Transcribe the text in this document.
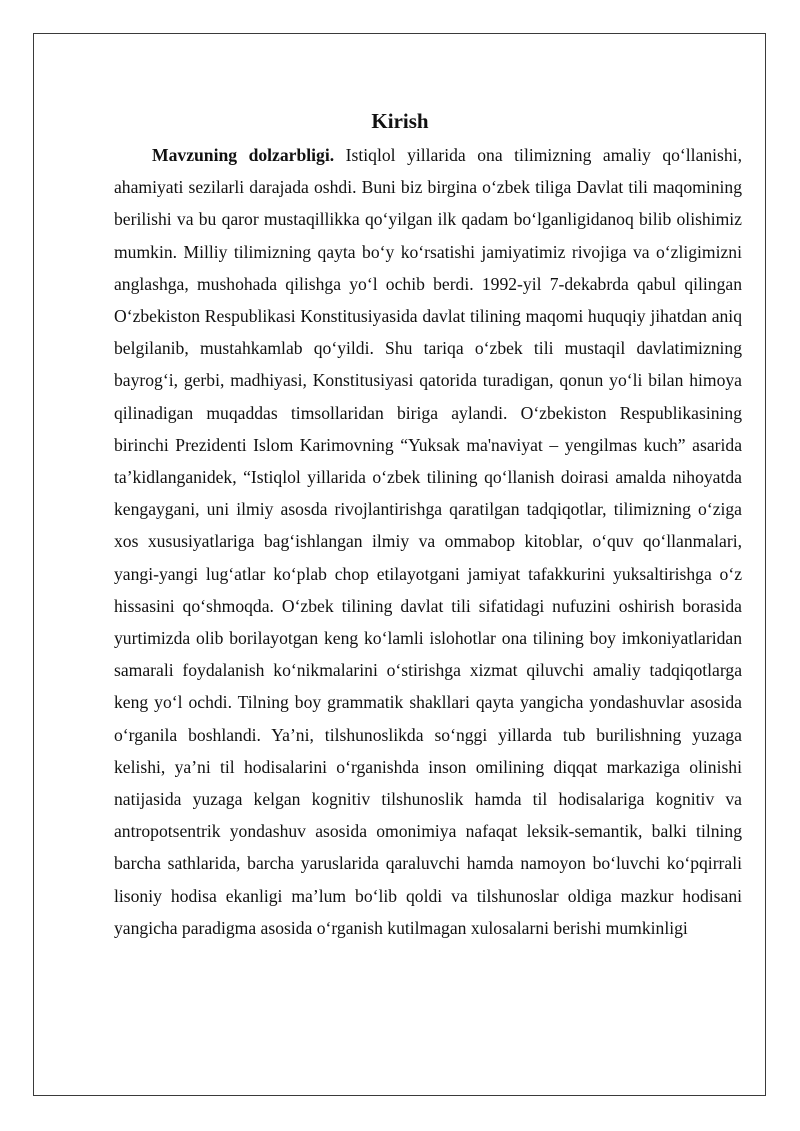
Kirish

Mavzuning dolzarbligi. Istiqlol yillarida ona tilimizning amaliy qo‘llanishi, ahamiyati sezilarli darajada oshdi. Buni biz birgina o‘zbek tiliga Davlat tili maqomining berilishi va bu qaror mustaqillikka qo‘yilgan ilk qadam bo‘lganligidanoq bilib olishimiz mumkin. Milliy tilimizning qayta bo‘y ko‘rsatishi jamiyatimiz rivojiga va o‘zligimizni anglashga, mushohada qilishga yo‘l ochib berdi. 1992-yil 7-dekabrda qabul qilingan O‘zbekiston Respublikasi Konstitusiyasida davlat tilining maqomi huquqiy jihatdan aniq belgilanib, mustahkamlab qo‘yildi. Shu tariqa o‘zbek tili mustaqil davlatimizning bayrog‘i, gerbi, madhiyasi, Konstitusiyasi qatorida turadigan, qonun yo‘li bilan himoya qilinadigan muqaddas timsollaridan biriga aylandi. O‘zbekiston Respublikasining birinchi Prezidenti Islom Karimovning “Yuksak ma'naviyat – yengilmas kuch” asarida ta’kidlanganidek, “Istiqlol yillarida o‘zbek tilining qo‘llanish doirasi amalda nihoyatda kengaygani, uni ilmiy asosda rivojlantirishga qaratilgan tadqiqotlar, tilimizning o‘ziga xos xususiyatlariga bag‘ishlangan ilmiy va ommabop kitoblar, o‘quv qo‘llanmalari, yangi-yangi lug‘atlar ko‘plab chop etilayotgani jamiyat tafakkurini yuksaltirishga o‘z hissasini qo‘shmoqda. O‘zbek tilining davlat tili sifatidagi nufuzini oshirish borasida yurtimizda olib borilayotgan keng ko‘lamli islohotlar ona tilining boy imkoniyatlaridan samarali foydalanish ko‘nikmalarini o‘stirishga xizmat qiluvchi amaliy tadqiqotlarga keng yo‘l ochdi. Tilning boy grammatik shakllari qayta yangicha yondashuvlar asosida o‘rganila boshlandi. Ya’ni, tilshunoslikda so‘nggi yillarda tub burilishning yuzaga kelishi, ya’ni til hodisalarini o‘rganishda inson omilining diqqat markaziga olinishi natijasida yuzaga kelgan kognitiv tilshunoslik hamda til hodisalariga kognitiv va antropotsentrik yondashuv asosida omonimiya nafaqat leksik-semantik, balki tilning barcha sathlarida, barcha yaruslarida qaraluvchi hamda namoyon bo‘luvchi ko‘pqirrali lisoniy hodisa ekanligi ma’lum bo‘lib qoldi va tilshunoslar oldiga mazkur hodisani yangicha paradigma asosida o‘rganish kutilmagan xulosalarni berishi mumkinligi
